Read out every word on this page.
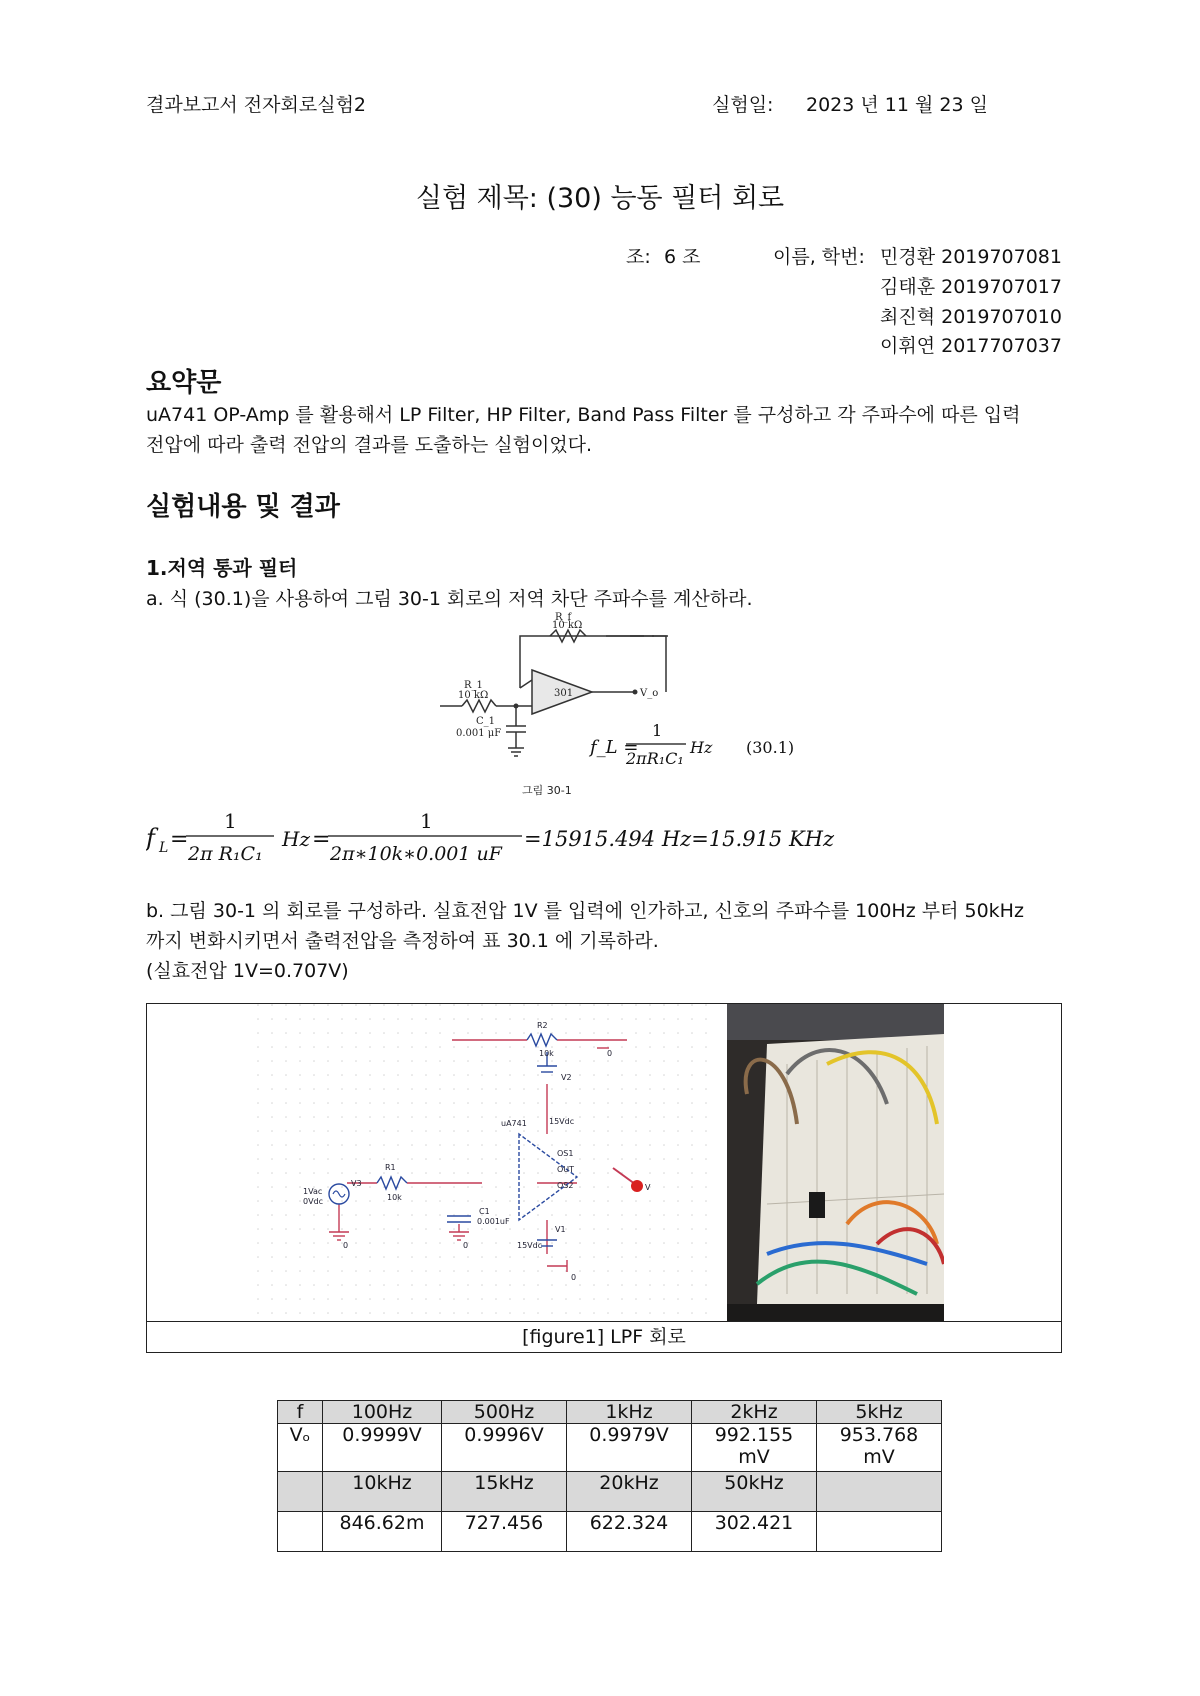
결과보고서 전자회로실험2	실험일: 2023 년 11 월 23 일
실험 제목: (30) 능동 필터 회로
조: 6 조	이름, 학번: 민경환 2019707081
김태훈 2019707017
최진혁 2019707010
이휘연 2017707037
요약문
uA741 OP-Amp 를 활용해서 LP Filter, HP Filter, Band Pass Filter 를 구성하고 각 주파수에 따른 입력
전압에 따라 출력 전압의 결과를 도출하는 실험이었다.
실험내용 및 결과
1.저역 통과 필터
a. 식 (30.1)을 사용하여 그림 30-1 회로의 저역 차단 주파수를 계산하라.
R_f
10 kΩ
R_1
10 kΩ
C_1
0.001 μF
301	V_o
f_L =
1
2πR₁C₁
Hz (30.1)
그림 30-1
f L =
1
2π R₁C₁
Hz =
1
2π∗10k∗0.001 uF
=15915.494 Hz=15.915 KHz
b. 그림 30-1 의 회로를 구성하라. 실효전압 1V 를 입력에 인가하고, 신호의 주파수를 100Hz 부터 50kHz
까지 변화시키면서 출력전압을 측정하여 표 30.1 에 기록하라.
(실효전압 1V=0.707V)
R2
10k
V2
15Vdc
0
uA741
OS1
OUT
OS2
R1
10k
V3
1Vac
0Vdc
C1
0.001uF
V1
15Vdc
0	0
0
V
[figure1] LPF 회로
f	100Hz	500Hz	1kHz	2kHz	5kHz
Vₒ	0.9999V	0.9996V	0.9979V	992.155 mV	953.768 mV
	10kHz	15kHz	20kHz	50kHz	
	846.62m	727.456	622.324	302.421	
